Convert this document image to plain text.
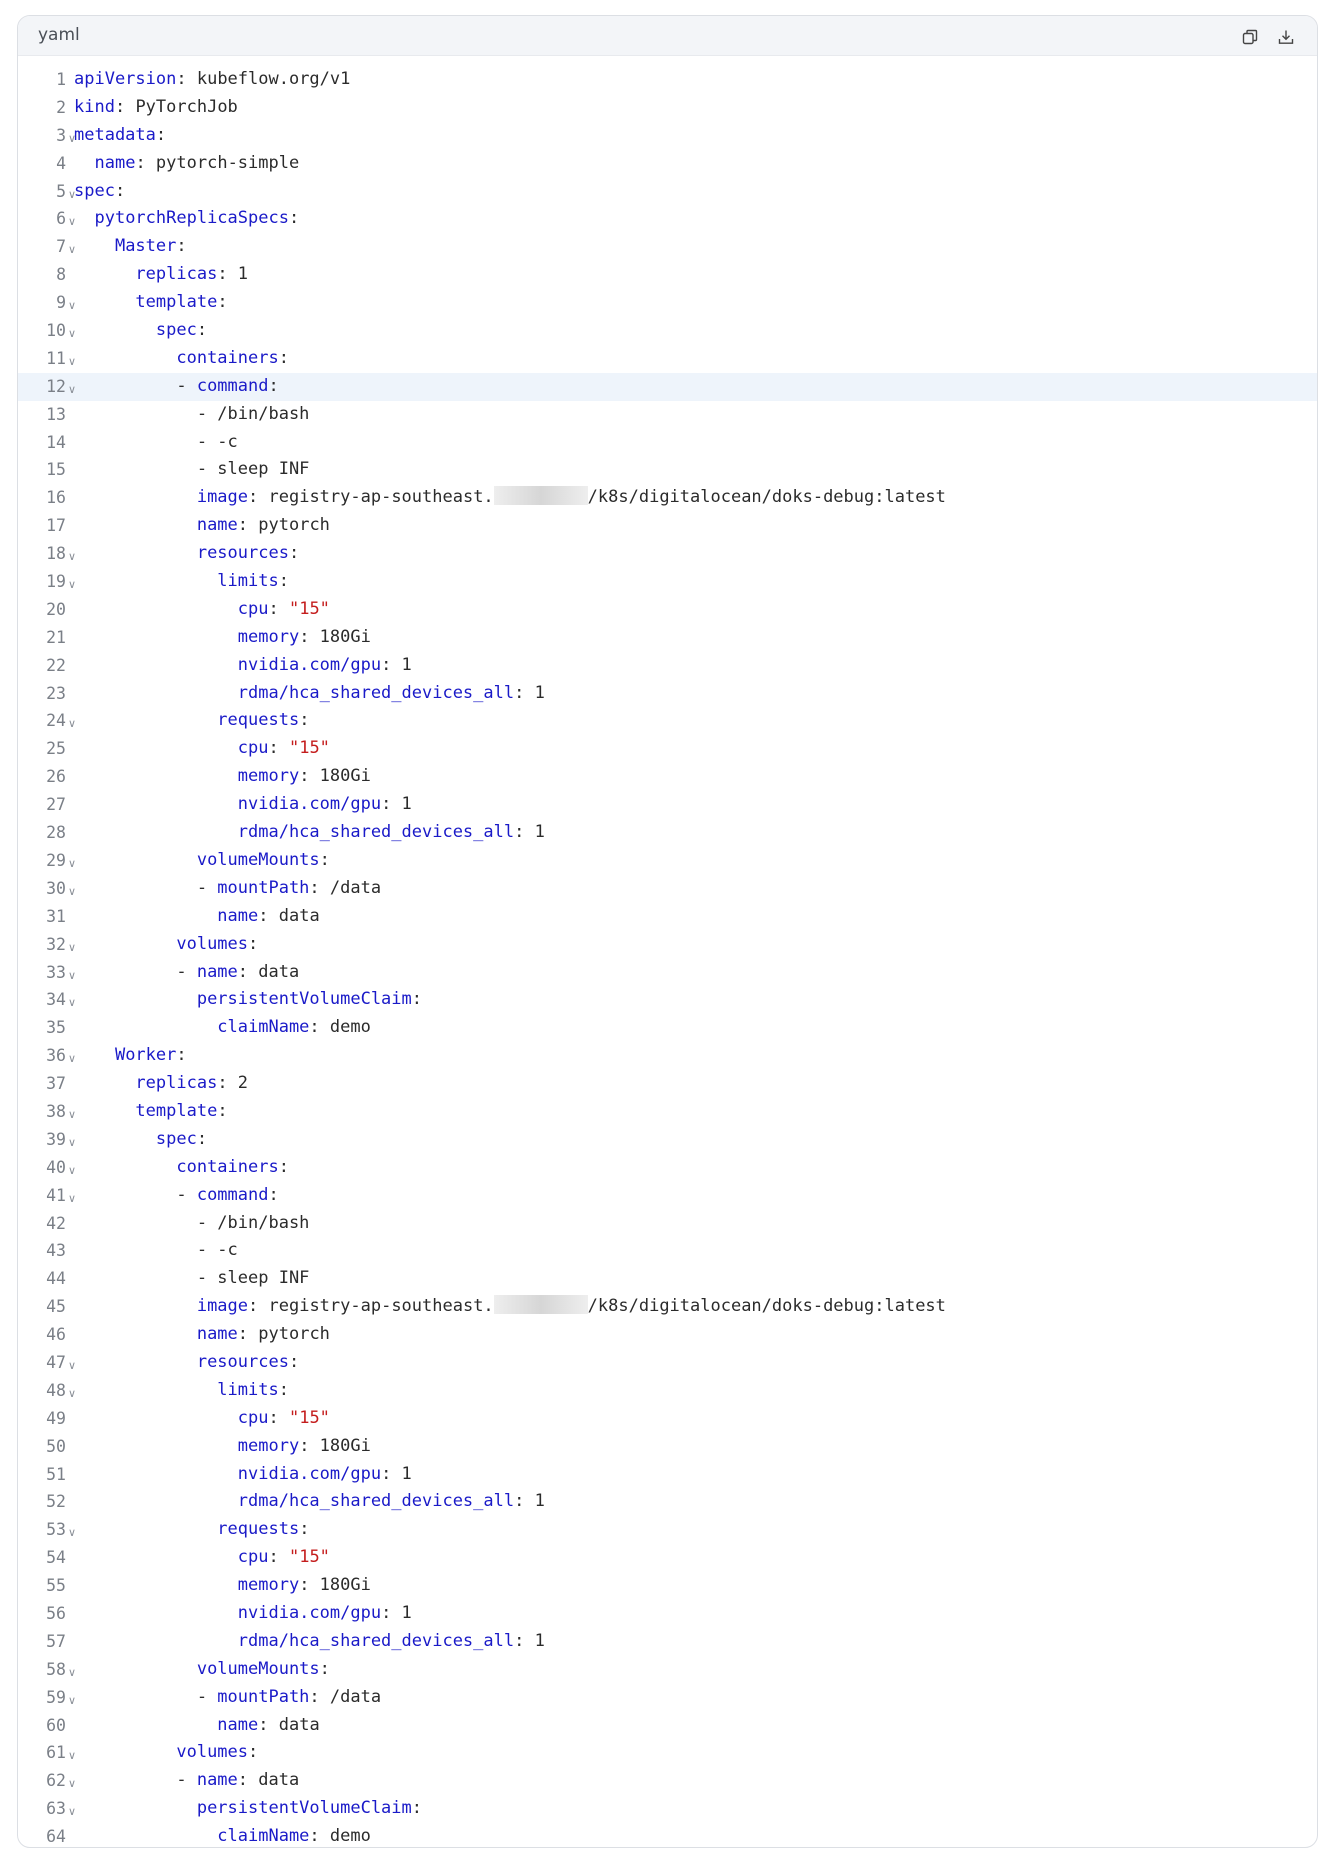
yaml
1 apiVersion: kubeflow.org/v1
2 kind: PyTorchJob
3 ∨
metadata:
4	name: pytorch-simple
5 ∨
spec:
6 ∨	pytorchReplicaSpecs:
7 ∨	Master:
8	replicas: 1
9 ∨	template:
10 ∨	spec:
11 ∨	containers:
12 ∨
- command:
13 - /bin/bash
14 - -c
15 - sleep INF
16	image: registry-ap-southeast.	/k8s/digitalocean/doks-debug:latest
17	name: pytorch
18 ∨	resources:
19 ∨	limits:
20	cpu: "15"
21	memory: 180Gi
22	nvidia.com/gpu: 1
23	rdma/hca_shared_devices_all: 1
24 ∨	requests:
25	cpu: "15"
26	memory: 180Gi
27	nvidia.com/gpu: 1
28	rdma/hca_shared_devices_all: 1
29 ∨	volumeMounts:
30 ∨
- mountPath: /data
31	name: data
32 ∨	volumes:
33 ∨
- name: data
34 ∨	persistentVolumeClaim:
35	claimName: demo
36 ∨	Worker:
37	replicas: 2
38 ∨	template:
39 ∨	spec:
40 ∨	containers:
41 ∨
- command:
42 - /bin/bash
43 - -c
44 - sleep INF
45	image: registry-ap-southeast.	/k8s/digitalocean/doks-debug:latest
46	name: pytorch
47 ∨	resources:
48 ∨	limits:
49	cpu: "15"
50	memory: 180Gi
51	nvidia.com/gpu: 1
52	rdma/hca_shared_devices_all: 1
53 ∨	requests:
54	cpu: "15"
55	memory: 180Gi
56	nvidia.com/gpu: 1
57	rdma/hca_shared_devices_all: 1
58 ∨	volumeMounts:
59 ∨
- mountPath: /data
60	name: data
61 ∨	volumes:
62 ∨
- name: data
63 ∨	persistentVolumeClaim:
64	claimName: demo
